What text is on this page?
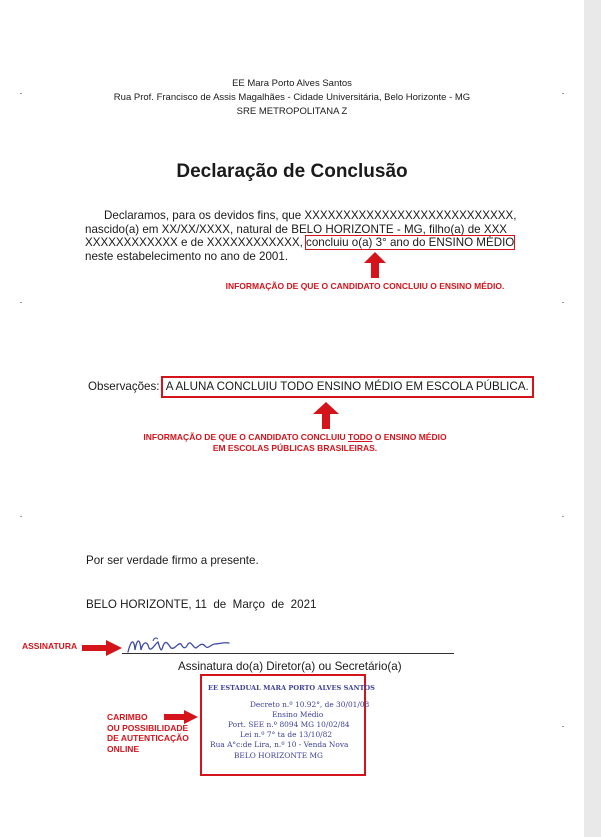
EE Mara Porto Alves Santos
Rua Prof. Francisco de Assis Magalhães - Cidade Universitária, Belo Horizonte - MG
SRE METROPOLITANA Z
Declaração de Conclusão
Declaramos, para os devidos fins, que XXXXXXXXXXXXXXXXXXXXXXXXXXX,
nascido(a) em XX/XX/XXXX, natural de BELO HORIZONTE - MG, filho(a) de XXX
XXXXXXXXXXXX e de XXXXXXXXXXXX, concluiu o(a) 3° ano do ENSINO MÉDIO
neste estabelecimento no ano de 2001.
INFORMAÇÃO DE QUE O CANDIDATO CONCLUIU O ENSINO MÉDIO.
Observações: A ALUNA CONCLUIU TODO ENSINO MÉDIO EM ESCOLA PÚBLICA.
INFORMAÇÃO DE QUE O CANDIDATO CONCLUIU TODO O ENSINO MÉDIO
EM ESCOLAS PÚBLICAS BRASILEIRAS.
Por ser verdade firmo a presente.
BELO HORIZONTE, 11  de  Março  de  2021
ASSINATURA
Assinatura do(a) Diretor(a) ou Secretário(a)
CARIMBO
OU POSSIBILIDADE
DE AUTENTICAÇÃO
ONLINE
EE ESTADUAL MARA PORTO ALVES SANTOS
Decreto n.º 10.92°, de 30/01/08
Ensino Médio
Port. SEE n.º 8094 MG 10/02/84
Lei n.º 7° ta de 13/10/82
Rua A°c:de Lira, n.º 10 - Venda Nova
BELO HORIZONTE MG
